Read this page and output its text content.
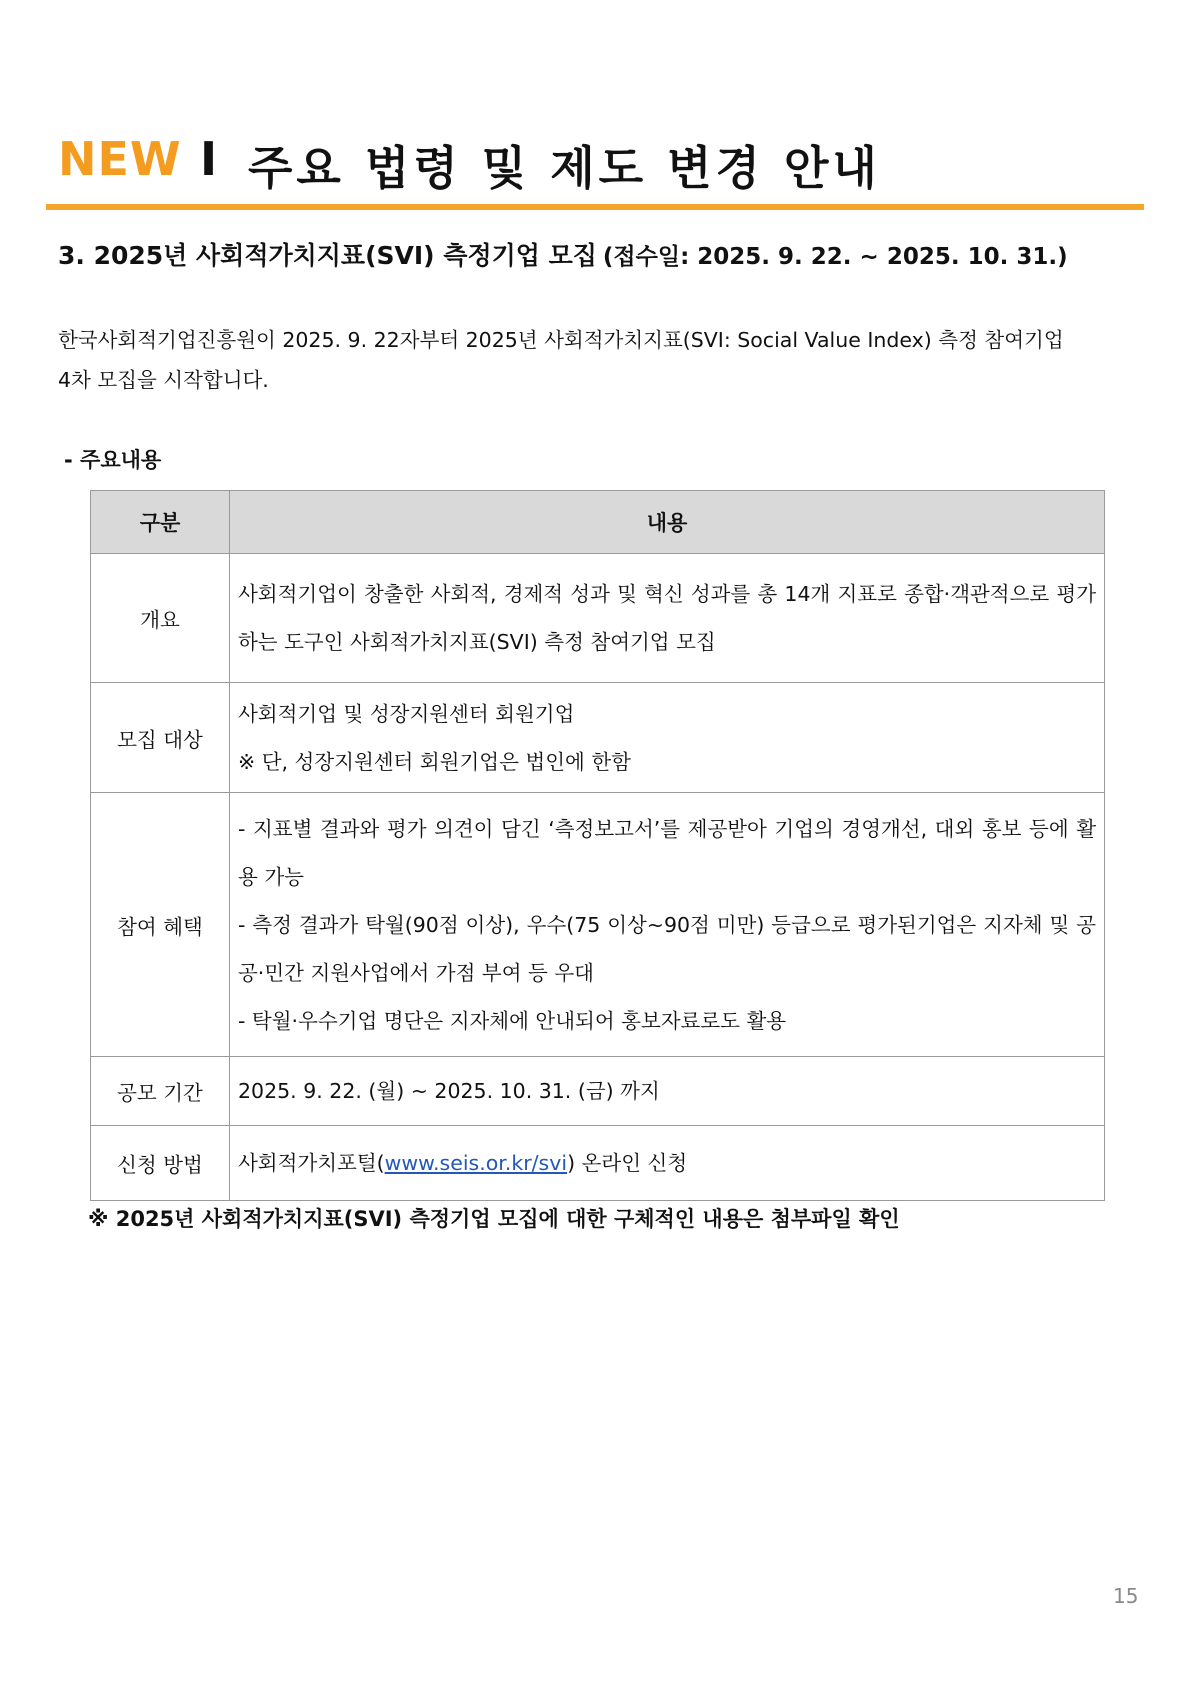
NEW I 주요 법령 및 제도 변경 안내
3. 2025년 사회적가치지표(SVI) 측정기업 모집 (접수일: 2025. 9. 22. ~ 2025. 10. 31.)
한국사회적기업진흥원이 2025. 9. 22자부터 2025년 사회적가치지표(SVI: Social Value Index) 측정 참여기업
4차 모집을 시작합니다.
- 주요내용
구분	내용
개요	사회적기업이 창출한 사회적, 경제적 성과 및 혁신 성과를 총 14개 지표로 종합·객관적으로 평가하는 도구인 사회적가치지표(SVI) 측정 참여기업 모집
모집 대상	사회적기업 및 성장지원센터 회원기업
※ 단, 성장지원센터 회원기업은 법인에 한함

참여 혜택	- 지표별 결과와 평가 의견이 담긴 ‘측정보고서’를 제공받아 기업의 경영개선, 대외 홍보 등에 활용 가능
- 측정 결과가 탁월(90점 이상), 우수(75 이상~90점 미만) 등급으로 평가된기업은 지자체 및 공공·민간 지원사업에서 가점 부여 등 우대
- 탁월·우수기업 명단은 지자체에 안내되어 홍보자료로도 활용

공모 기간	2025. 9. 22. (월) ~ 2025. 10. 31. (금) 까지
신청 방법	사회적가치포털(www.seis.or.kr/svi) 온라인 신청
※ 2025년 사회적가치지표(SVI) 측정기업 모집에 대한 구체적인 내용은 첨부파일 확인
15
